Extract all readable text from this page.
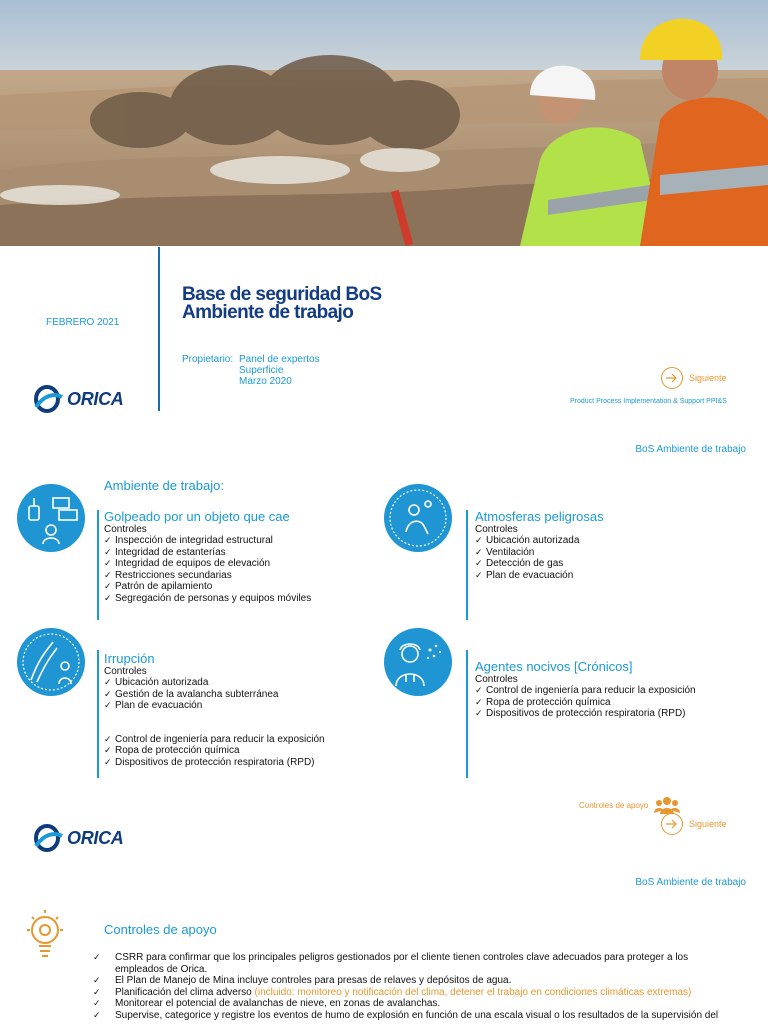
FEBRERO 2021
Base de seguridad BoS
Ambiente de trabajo
Propietario: Panel de expertos
Superficie
Marzo 2020	Siguiente
Product Process Implementation & Support PPI&S
ORICA
BoS Ambiente de trabajo
Ambiente de trabajo:
Golpeado por un objeto que cae
Controles
✓ Inspección de integridad estructural
✓ Integridad de estanterías
✓ Integridad de equipos de elevación
✓ Restricciones secundarias
✓ Patrón de apilamiento
✓ Segregación de personas y equipos móviles
Atmosferas peligrosas
Controles
✓ Ubicación autorizada
✓ Ventilación
✓ Detección de gas
✓ Plan de evacuación
Irrupción
Controles
✓ Ubicación autorizada
✓ Gestión de la avalancha subterránea
✓ Plan de evacuación
✓ Control de ingeniería para reducir la exposición
✓ Ropa de protección química
✓ Dispositivos de protección respiratoria (RPD)
Agentes nocivos [Crónicos]
Controles
✓ Control de ingeniería para reducir la exposición
✓ Ropa de protección química
✓ Dispositivos de protección respiratoria (RPD)
Controles de apoyo
Siguiente
ORICA
BoS Ambiente de trabajo
Controles de apoyo
✓ CSRR para confirmar que los principales peligros gestionados por el cliente tienen controles clave adecuados para proteger a los empleados de Orica.
✓ El Plan de Manejo de Mina incluye controles para presas de relaves y depósitos de agua.
✓ Planificación del clima adverso (incluido: monitoreo y notificación del clima, detener el trabajo en condiciones climáticas extremas)
✓ Monitorear el potencial de avalanchas de nieve, en zonas de avalanchas.
✓ Supervise, categorice y registre los eventos de humo de explosión en función de una escala visual o los resultados de la supervisión del
